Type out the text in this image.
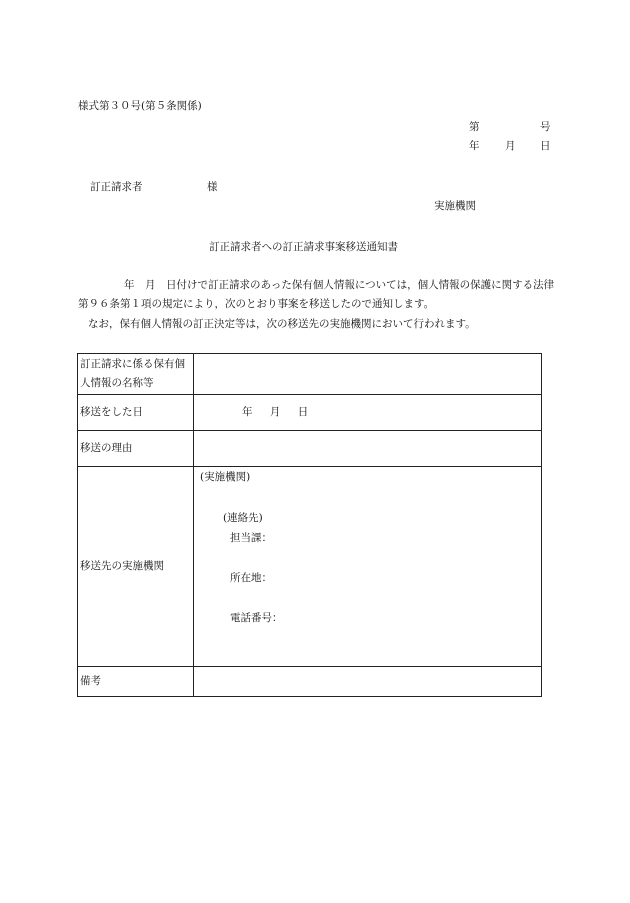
様式第３０号(第５条関係)
第	号
年 月 日
訂正請求者	様
実施機関
訂正請求者への訂正請求事案移送通知書
年　月　日付けで訂正請求のあった保有個人情報については，個人情報の保護に関する法律第９６条第１項の規定により，次のとおり事案を移送したので通知します。
なお，保有個人情報の訂正決定等は，次の移送先の実施機関において行われます。
訂正請求に係る保有個人情報の名称等	
移送をした日	年 月 日
移送の理由	
移送先の実施機関	(実施機関)
(連絡先)
担当課：
所在地：
電話番号：

備考	
